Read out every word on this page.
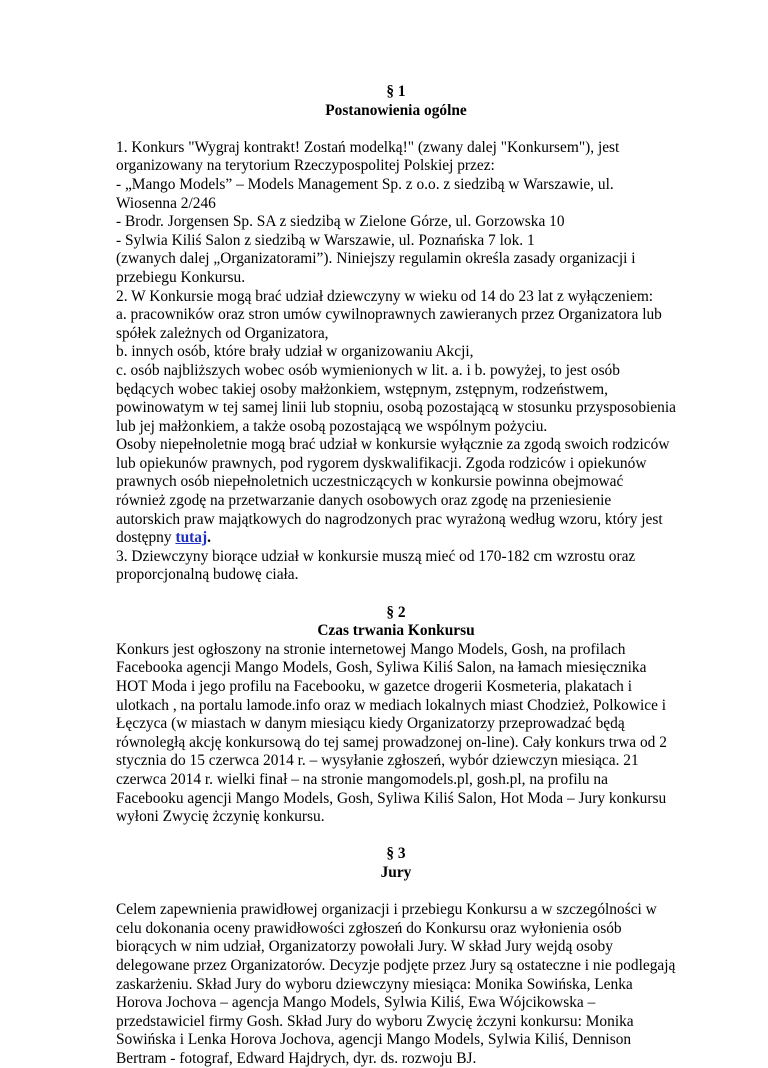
§ 1
Postanowienia ogólne

1. Konkurs "Wygraj kontrakt! Zostań modelką!" (zwany dalej "Konkursem"), jest organizowany na terytorium Rzeczypospolitej Polskiej przez:

- „Mango Models” – Models Management Sp. z o.o. z siedzibą w Warszawie, ul. Wiosenna 2/246

- Brodr. Jorgensen Sp. SA z siedzibą w Zielone Górze, ul. Gorzowska 10

- Sylwia Kiliś Salon z siedzibą w Warszawie, ul. Poznańska 7 lok. 1

(zwanych dalej „Organizatorami”). Niniejszy regulamin określa zasady organizacji i przebiegu Konkursu.

2. W Konkursie mogą brać udział dziewczyny w wieku od 14 do 23 lat z wyłączeniem:

a. pracowników oraz stron umów cywilnoprawnych zawieranych przez Organizatora lub spółek zależnych od Organizatora,

b. innych osób, które brały udział w organizowaniu Akcji,

c. osób najbliższych wobec osób wymienionych w lit. a. i b. powyżej, to jest osób będących wobec takiej osoby małżonkiem, wstępnym, zstępnym, rodzeństwem, powinowatym w tej samej linii lub stopniu, osobą pozostającą w stosunku przysposobienia lub jej małżonkiem, a także osobą pozostającą we wspólnym pożyciu.

Osoby niepełnoletnie mogą brać udział w konkursie wyłącznie za zgodą swoich rodziców lub opiekunów prawnych, pod rygorem dyskwalifikacji. Zgoda rodziców i opiekunów prawnych osób niepełnoletnich uczestniczących w konkursie powinna obejmować również zgodę na przetwarzanie danych osobowych oraz zgodę na przeniesienie autorskich praw majątkowych do nagrodzonych prac wyrażoną według wzoru, który jest dostępny tutaj.

3. Dziewczyny biorące udział w konkursie muszą mieć od 170-182 cm wzrostu oraz proporcjonalną budowę ciała.

§ 2
Czas trwania Konkursu

Konkurs jest ogłoszony na stronie internetowej Mango Models, Gosh, na profilach Facebooka agencji Mango Models, Gosh, Syliwa Kiliś Salon, na łamach miesięcznika HOT Moda i jego profilu na Facebooku, w gazetce drogerii Kosmeteria, plakatach i ulotkach , na portalu lamode.info oraz w mediach lokalnych miast Chodzież, Polkowice i Łęczyca (w miastach w danym miesiącu kiedy Organizatorzy przeprowadzać będą równoległą akcję konkursową do tej samej prowadzonej on-line). Cały konkurs trwa od 2 stycznia do 15 czerwca 2014 r. – wysyłanie zgłoszeń, wybór dziewczyn miesiąca. 21 czerwca 2014 r. wielki finał – na stronie mangomodels.pl, gosh.pl, na profilu na Facebooku agencji Mango Models, Gosh, Syliwa Kiliś Salon, Hot Moda – Jury konkursu wyłoni Zwycię żczynię konkursu.

§ 3
Jury

Celem zapewnienia prawidłowej organizacji i przebiegu Konkursu a w szczególności w celu dokonania oceny prawidłowości zgłoszeń do Konkursu oraz wyłonienia osób biorących w nim udział, Organizatorzy powołali Jury. W skład Jury wejdą osoby delegowane przez Organizatorów. Decyzje podjęte przez Jury są ostateczne i nie podlegają zaskarżeniu. Skład Jury do wyboru dziewczyny miesiąca: Monika Sowińska, Lenka Horova Jochova – agencja Mango Models, Sylwia Kiliś, Ewa Wójcikowska – przedstawiciel firmy Gosh. Skład Jury do wyboru Zwycię żczyni konkursu: Monika Sowińska i Lenka Horova Jochova, agencji Mango Models, Sylwia Kiliś, Dennison Bertram - fotograf, Edward Hajdrych, dyr. ds. rozwoju BJ.
